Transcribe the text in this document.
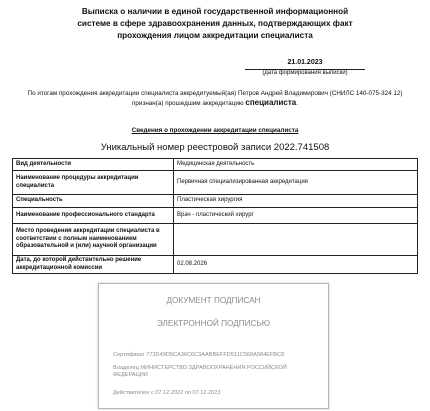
Выписка о наличии в единой государственной информационной
системе в сфере здравоохранения данных, подтверждающих факт
прохождения лицом аккредитации специалиста
21.01.2023
(дата формирования выписки)
По итогам прохождения аккредитации специалиста аккредитуемый(ая) Петров Андрей Владимирович (СНИЛС 140-075-324 12)
признан(а) прошедшим аккредитацию специалиста.
Сведения о прохождении аккредитации специалиста
Уникальный номер реестровой записи 2022.741508
Вид деятельности	Медицинская деятельность
Наименование процедуры аккредитации специалиста	Первичная специализированная аккредитация
Специальность	Пластическая хирургия
Наименование профессионального стандарта	Врач - пластический хирург
Место проведения аккредитации специалиста в соответствии с полным наименованием образовательной и (или) научной организации	
Дата, до которой действительно решение аккредитационной комиссии	02.08.2026
ДОКУМЕНТ ПОДПИСАН
ЭЛЕКТРОННОЙ ПОДПИСЬЮ
Сертификат 773D49D5CA36C6C3AABBEFFD511C568A584EFBC8
Владелец МИНИСТЕРСТВО ЗДРАВООХРАНЕНИЯ РОССИЙСКОЙ ФЕДЕРАЦИИ
Действителен с 07.12.2022 по 07.12.2023
